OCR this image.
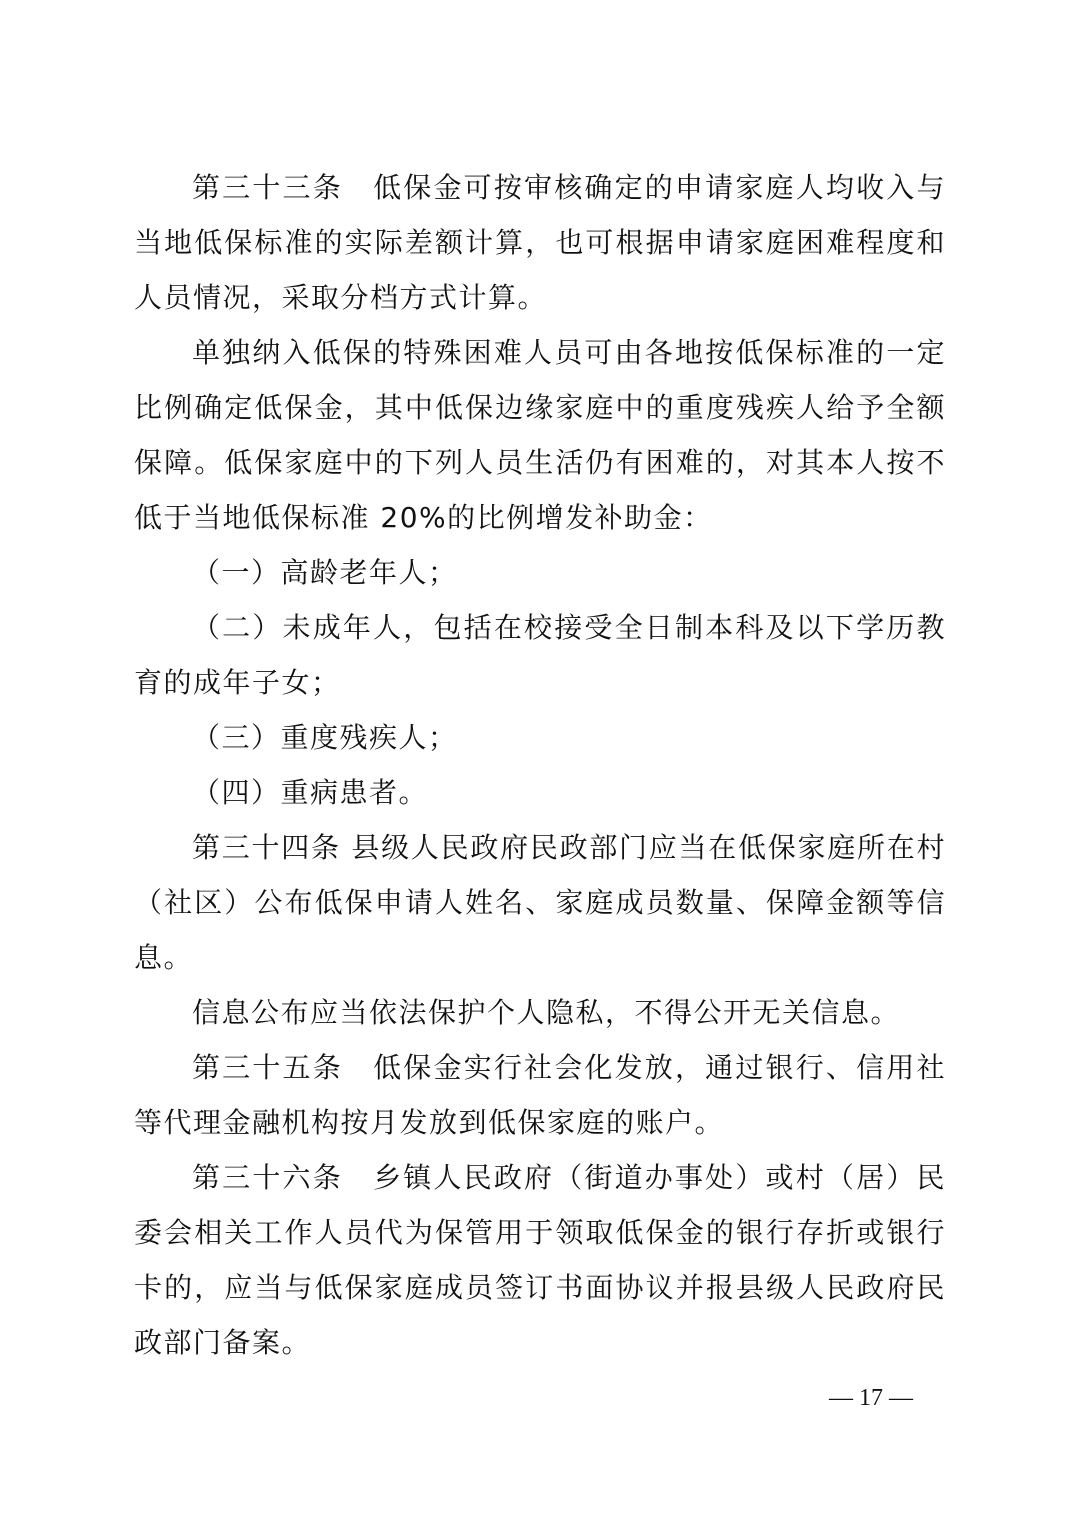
第三十三条　低保金可按审核确定的申请家庭人均收入与当地低保标准的实际差额计算，也可根据申请家庭困难程度和人员情况，采取分档方式计算。

单独纳入低保的特殊困难人员可由各地按低保标准的一定比例确定低保金，其中低保边缘家庭中的重度残疾人给予全额保障。低保家庭中的下列人员生活仍有困难的，对其本人按不低于当地低保标准 20%的比例增发补助金：

（一）高龄老年人；

（二）未成年人，包括在校接受全日制本科及以下学历教育的成年子女；

（三）重度残疾人；

（四）重病患者。

第三十四条 县级人民政府民政部门应当在低保家庭所在村（社区）公布低保申请人姓名、家庭成员数量、保障金额等信息。

信息公布应当依法保护个人隐私，不得公开无关信息。

第三十五条　低保金实行社会化发放，通过银行、信用社等代理金融机构按月发放到低保家庭的账户。

第三十六条　乡镇人民政府（街道办事处）或村（居）民委会相关工作人员代为保管用于领取低保金的银行存折或银行卡的，应当与低保家庭成员签订书面协议并报县级人民政府民政部门备案。

— 17 —
